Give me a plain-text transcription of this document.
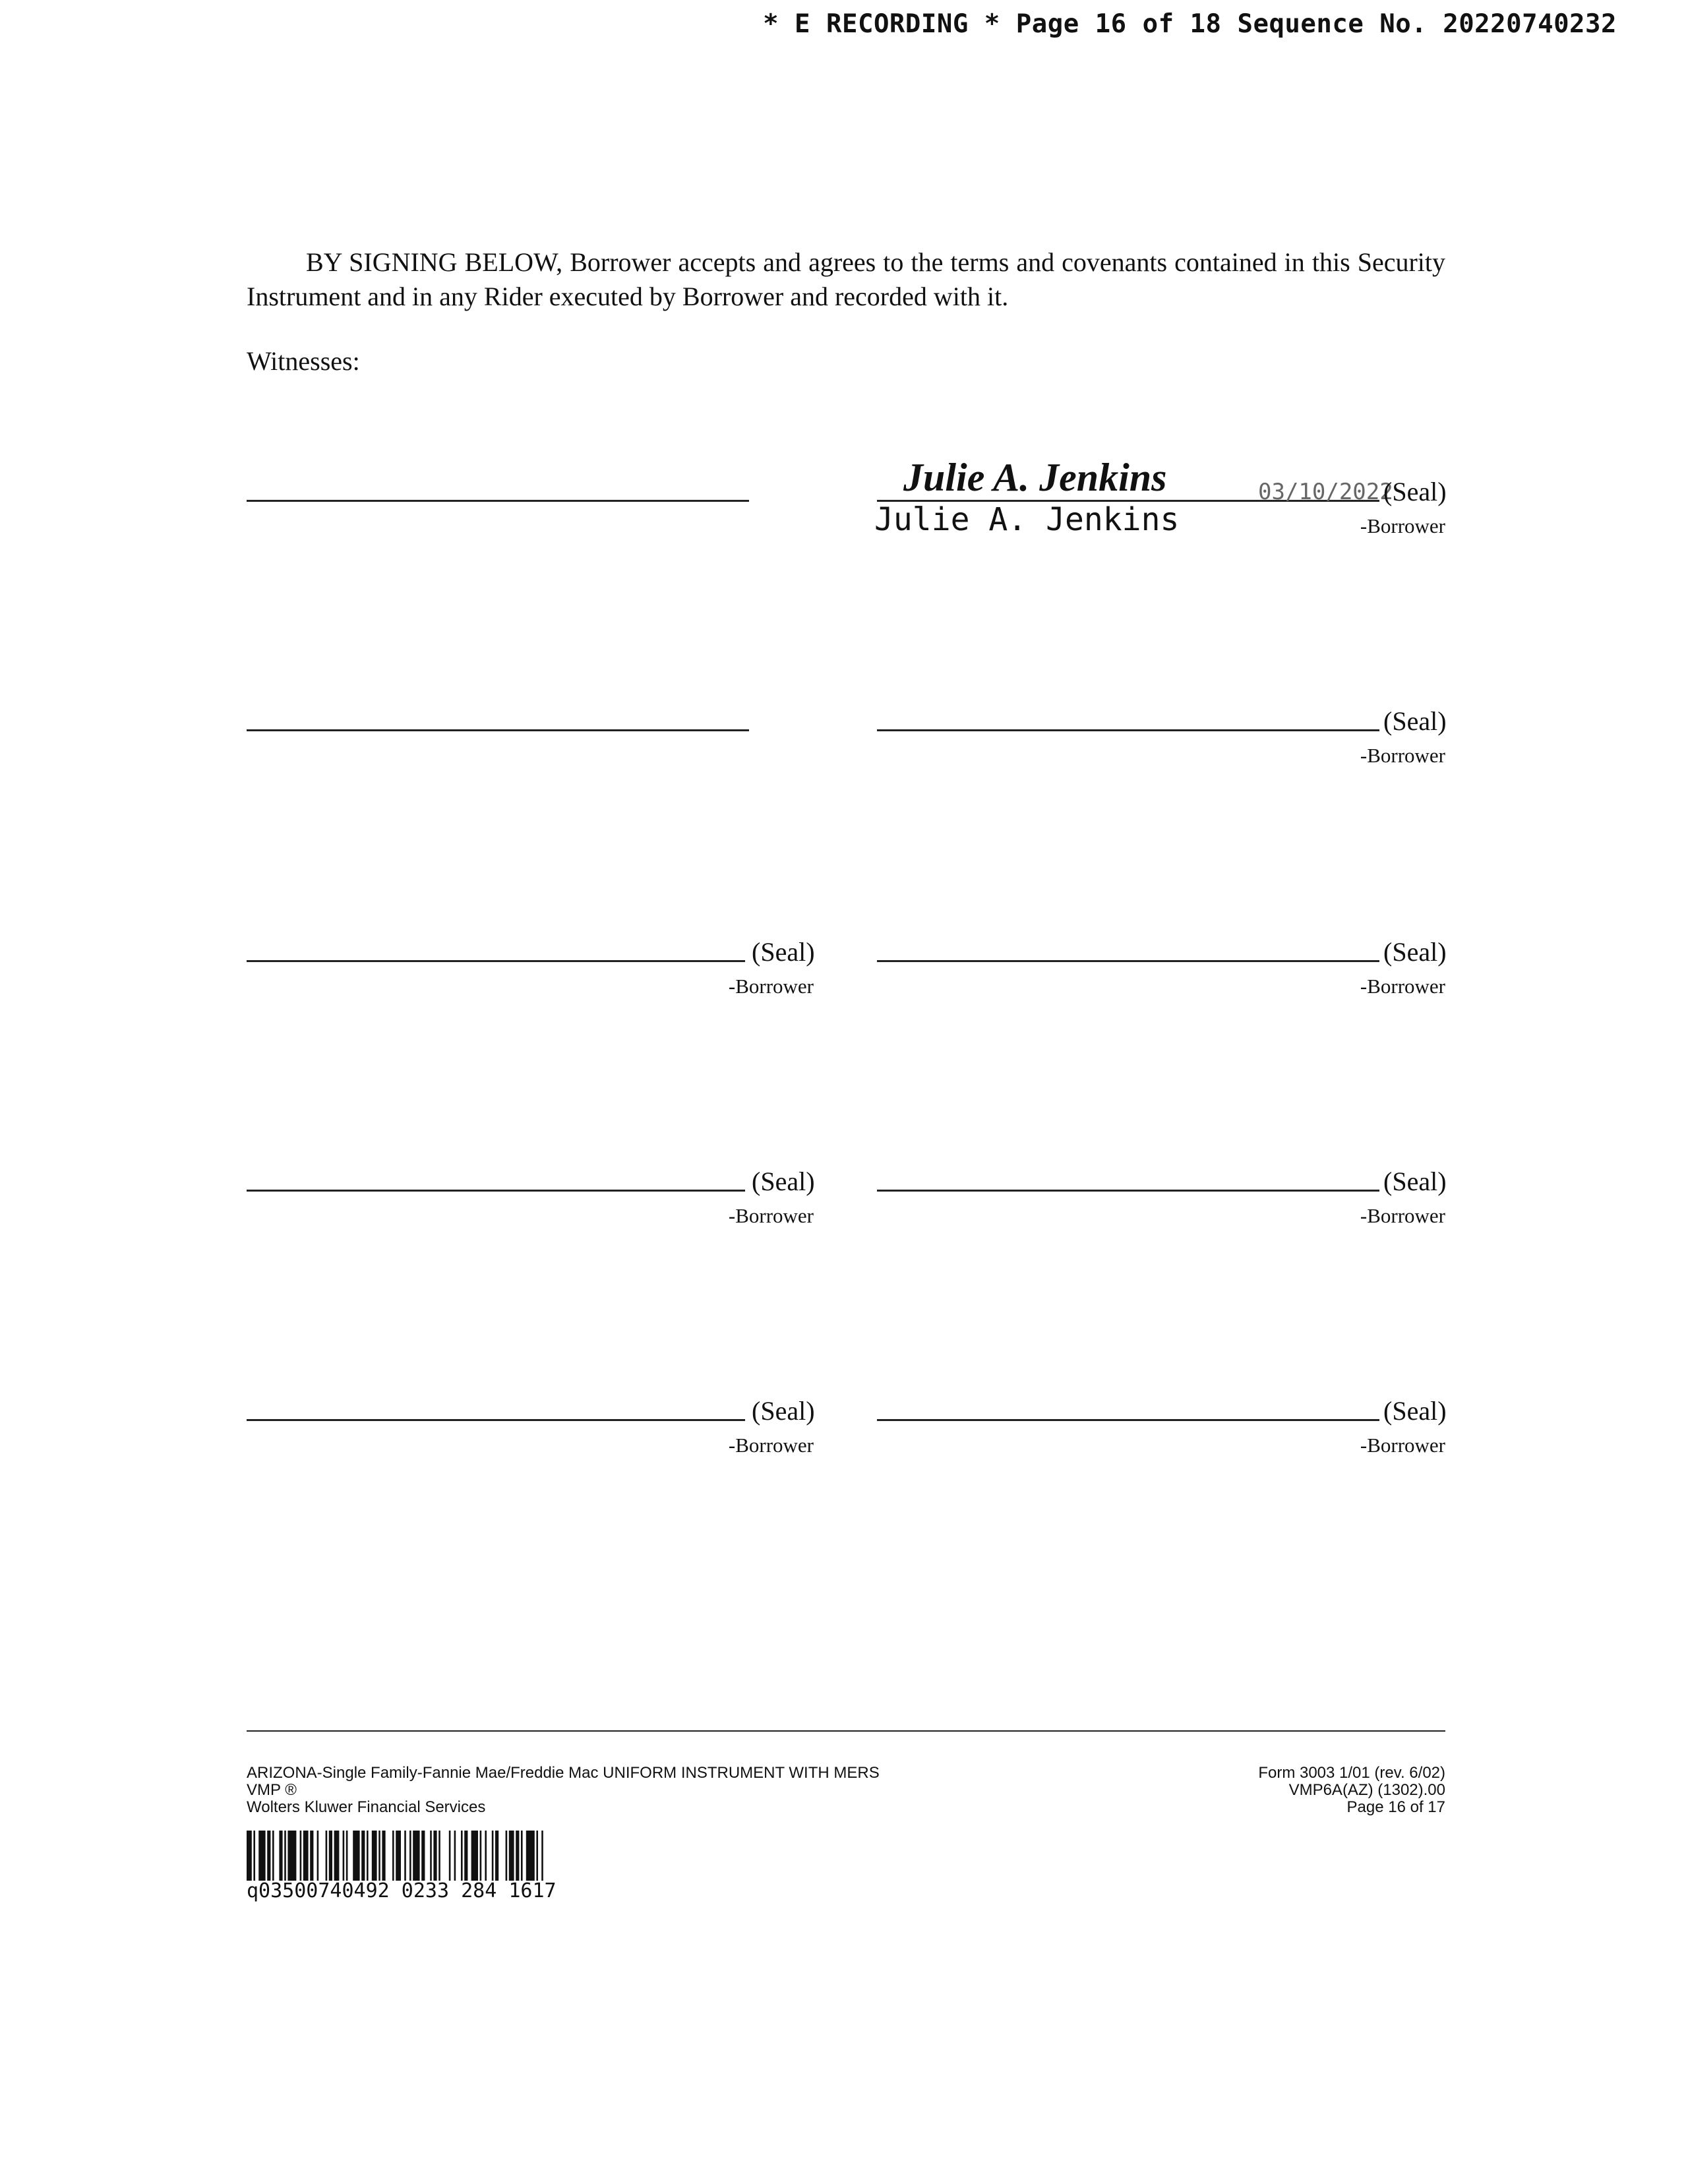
* E RECORDING * Page 16 of 18 Sequence No. 20220740232
BY SIGNING BELOW, Borrower accepts and agrees to the terms and covenants contained in this Security Instrument and in any Rider executed by Borrower and recorded with it.
Witnesses:
Julie A. Jenkins	03/10/2022
(Seal)
-Borrower
Julie A. Jenkins
(Seal)
-Borrower
(Seal)
-Borrower
(Seal)
-Borrower
(Seal)
-Borrower
(Seal)
-Borrower
(Seal)
-Borrower
(Seal)
-Borrower
ARIZONA-Single Family-Fannie Mae/Freddie Mac UNIFORM INSTRUMENT WITH MERS
VMP ®
Wolters Kluwer Financial Services
Form 3003 1/01 (rev. 6/02)
VMP6A(AZ) (1302).00
Page 16 of 17
q03500740492 0233 284 1617
